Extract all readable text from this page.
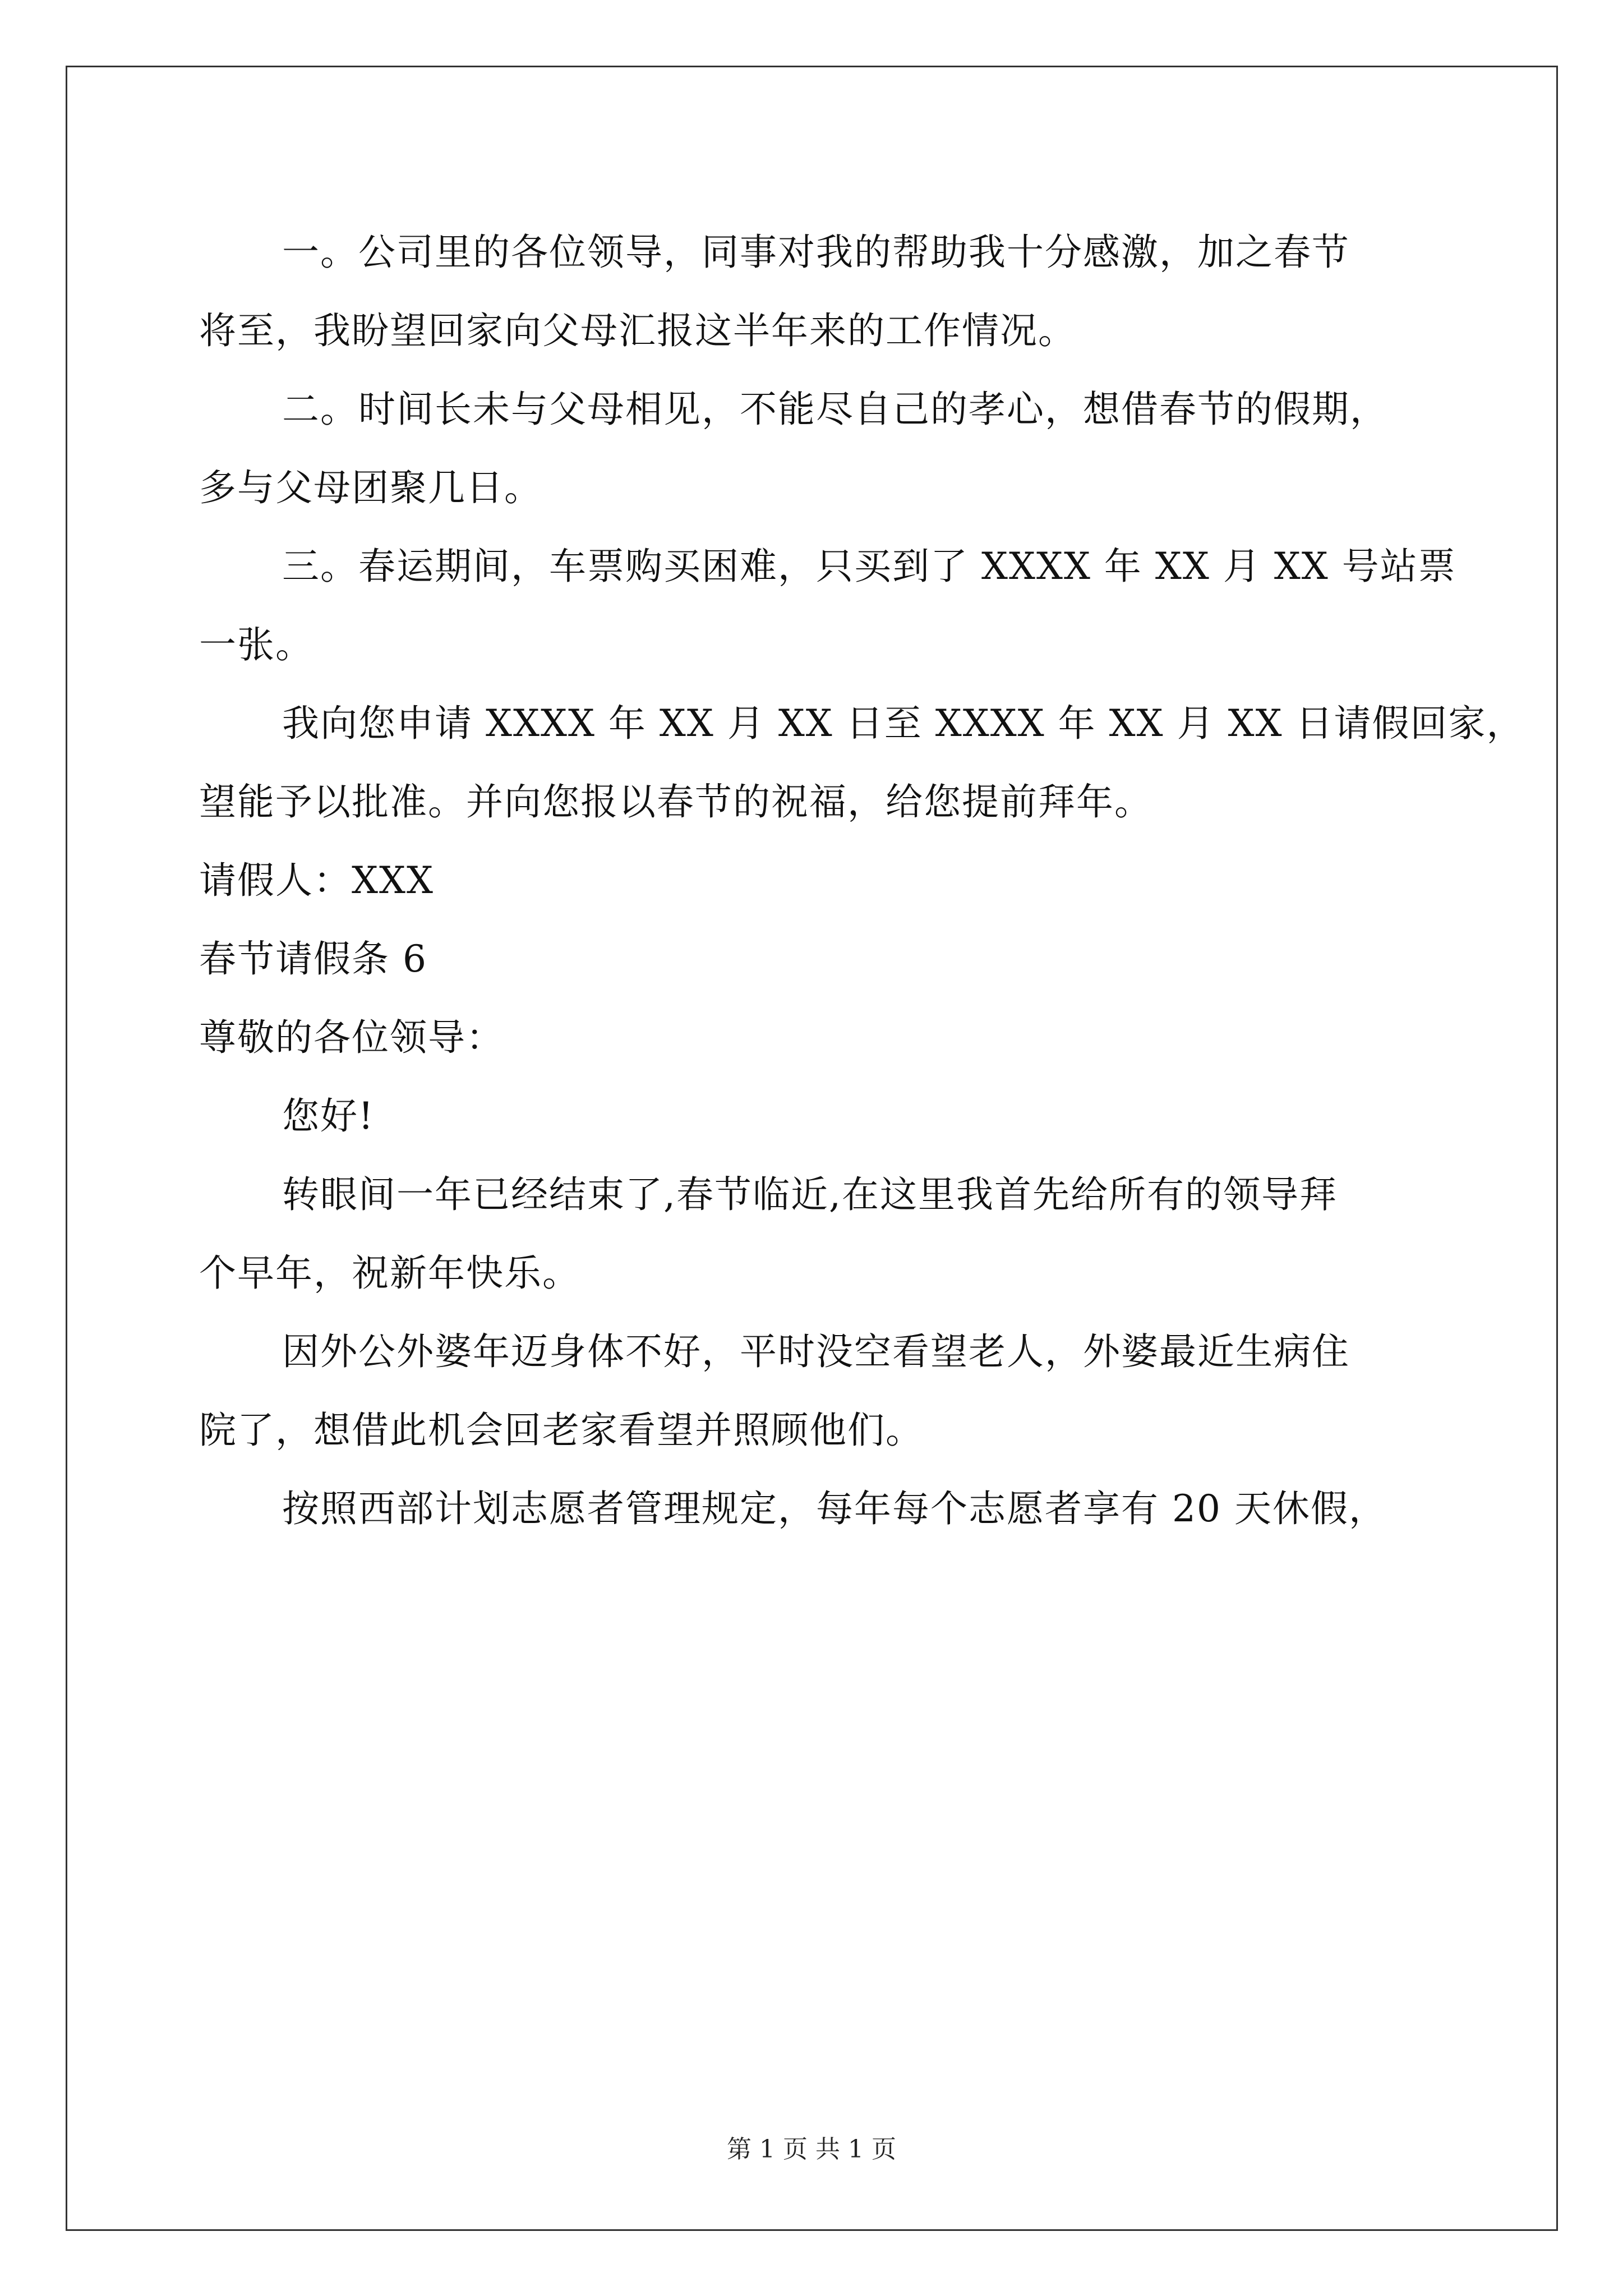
一。公司里的各位领导，同事对我的帮助我十分感激，加之春节
将至，我盼望回家向父母汇报这半年来的工作情况。
二。时间长未与父母相见，不能尽自己的孝心，想借春节的假期，
多与父母团聚几日。
三。春运期间，车票购买困难，只买到了 XXXX 年 XX 月 XX 号站票
一张。
我向您申请 XXXX 年 XX 月 XX 日至 XXXX 年 XX 月 XX 日请假回家，
望能予以批准。并向您报以春节的祝福，给您提前拜年。
请假人：XXX
春节请假条 6
尊敬的各位领导：
您好!
转眼间一年已经结束了,春节临近,在这里我首先给所有的领导拜
个早年，祝新年快乐。
因外公外婆年迈身体不好，平时没空看望老人，外婆最近生病住
院了，想借此机会回老家看望并照顾他们。
按照西部计划志愿者管理规定，每年每个志愿者享有 20 天休假，
第 1 页 共 1 页
